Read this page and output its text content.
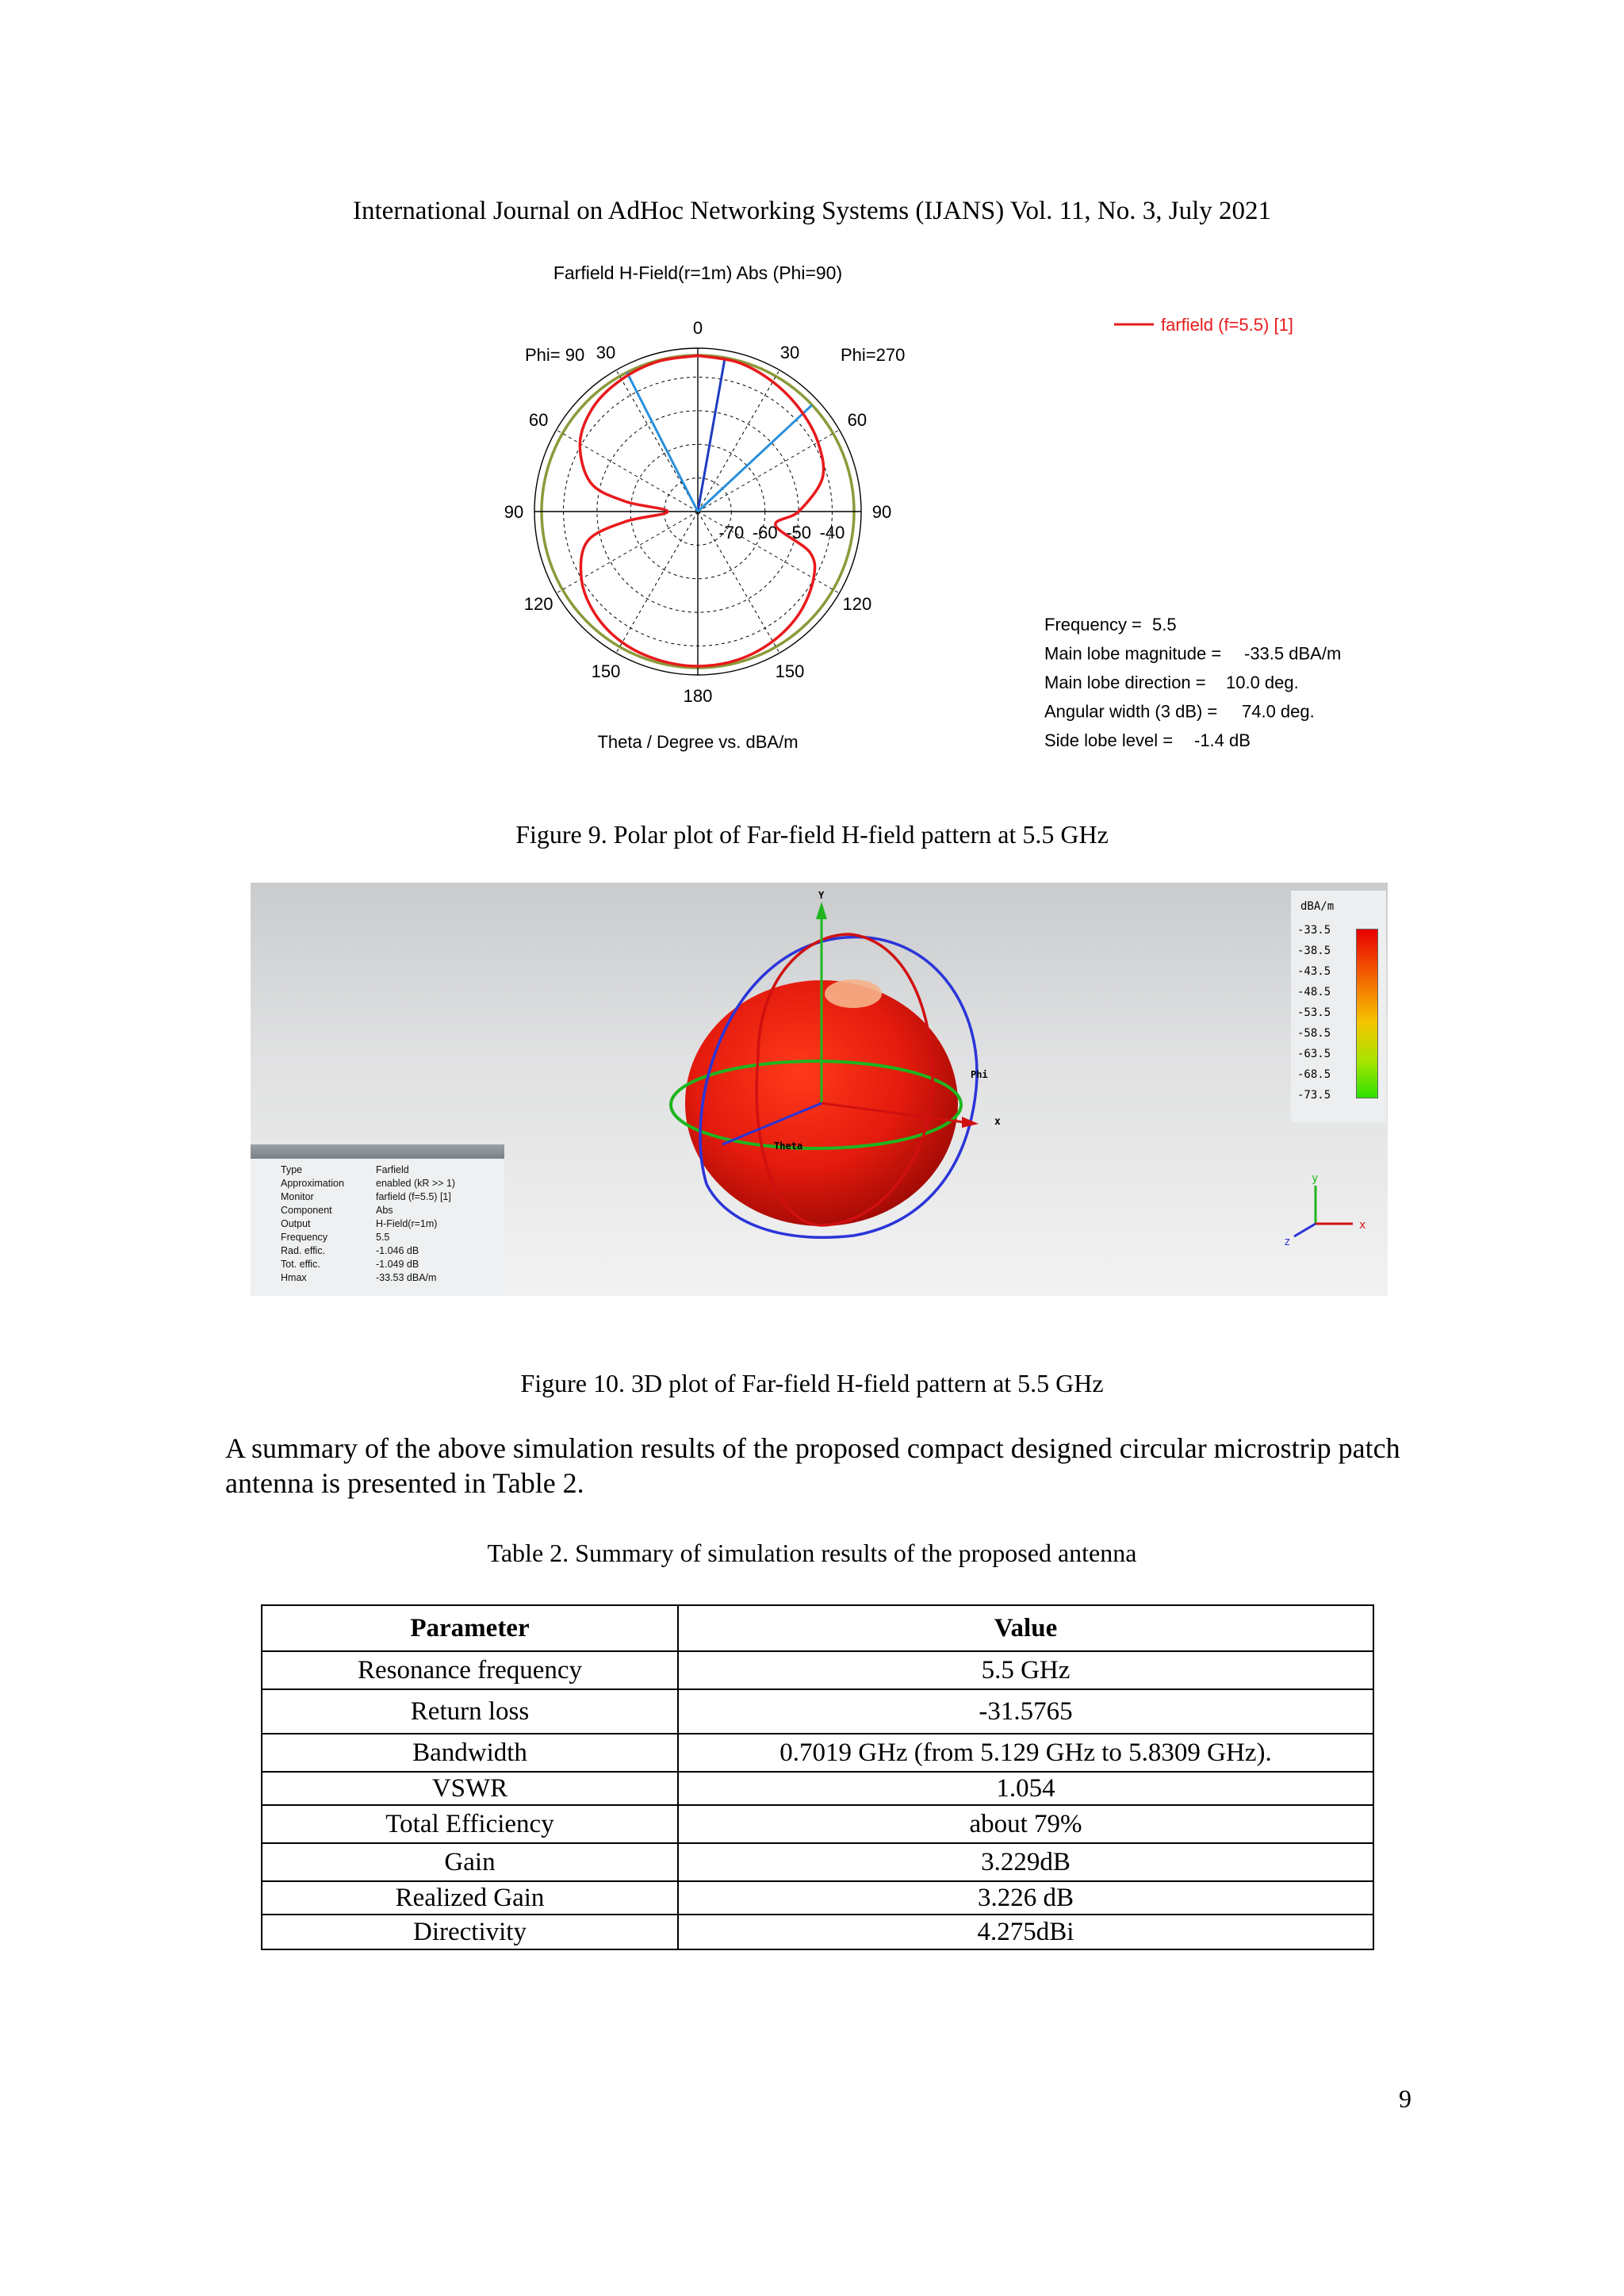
International Journal on AdHoc Networking Systems (IJANS) Vol. 11, No. 3, July 2021
Farfield H-Field(r=1m) Abs (Phi=90)
Phi= 90	Phi=270
0
30
60
90
120
150
180
150
120
90
60
30
-70 -60 -50 -40
Theta / Degree vs. dBA/m
farfield (f=5.5) [1]
Frequency = 5.5
Main lobe magnitude = -33.5 dBA/m
Main lobe direction = 10.0 deg.
Angular width (3 dB) = 74.0 deg.
Side lobe level = -1.4 dB
Figure 9. Polar plot of Far-field H-field pattern at 5.5 GHz
Y
x
Phi
Theta
y
x
z
dBA/m
-33.5
-38.5
-43.5
-48.5
-53.5
-58.5
-63.5
-68.5
-73.5
Type	Farfield
Approximation	enabled (kR >> 1)
Monitor	farfield (f=5.5) [1]
Component	Abs
Output	H-Field(r=1m)
Frequency	5.5
Rad. effic.	-1.046 dB
Tot. effic.	-1.049 dB
Hmax	-33.53 dBA/m
Figure 10. 3D plot of Far-field H-field pattern at 5.5 GHz
A summary of the above simulation results of the proposed compact designed circular microstrip patch antenna is presented in Table 2.
Table 2. Summary of simulation results of the proposed antenna
Parameter	Value
Resonance frequency	5.5 GHz
Return loss	-31.5765
Bandwidth	0.7019 GHz (from 5.129 GHz to 5.8309 GHz).
VSWR	1.054
Total Efficiency	about 79%
Gain	3.229dB
Realized Gain	3.226 dB
Directivity	4.275dBi
9
